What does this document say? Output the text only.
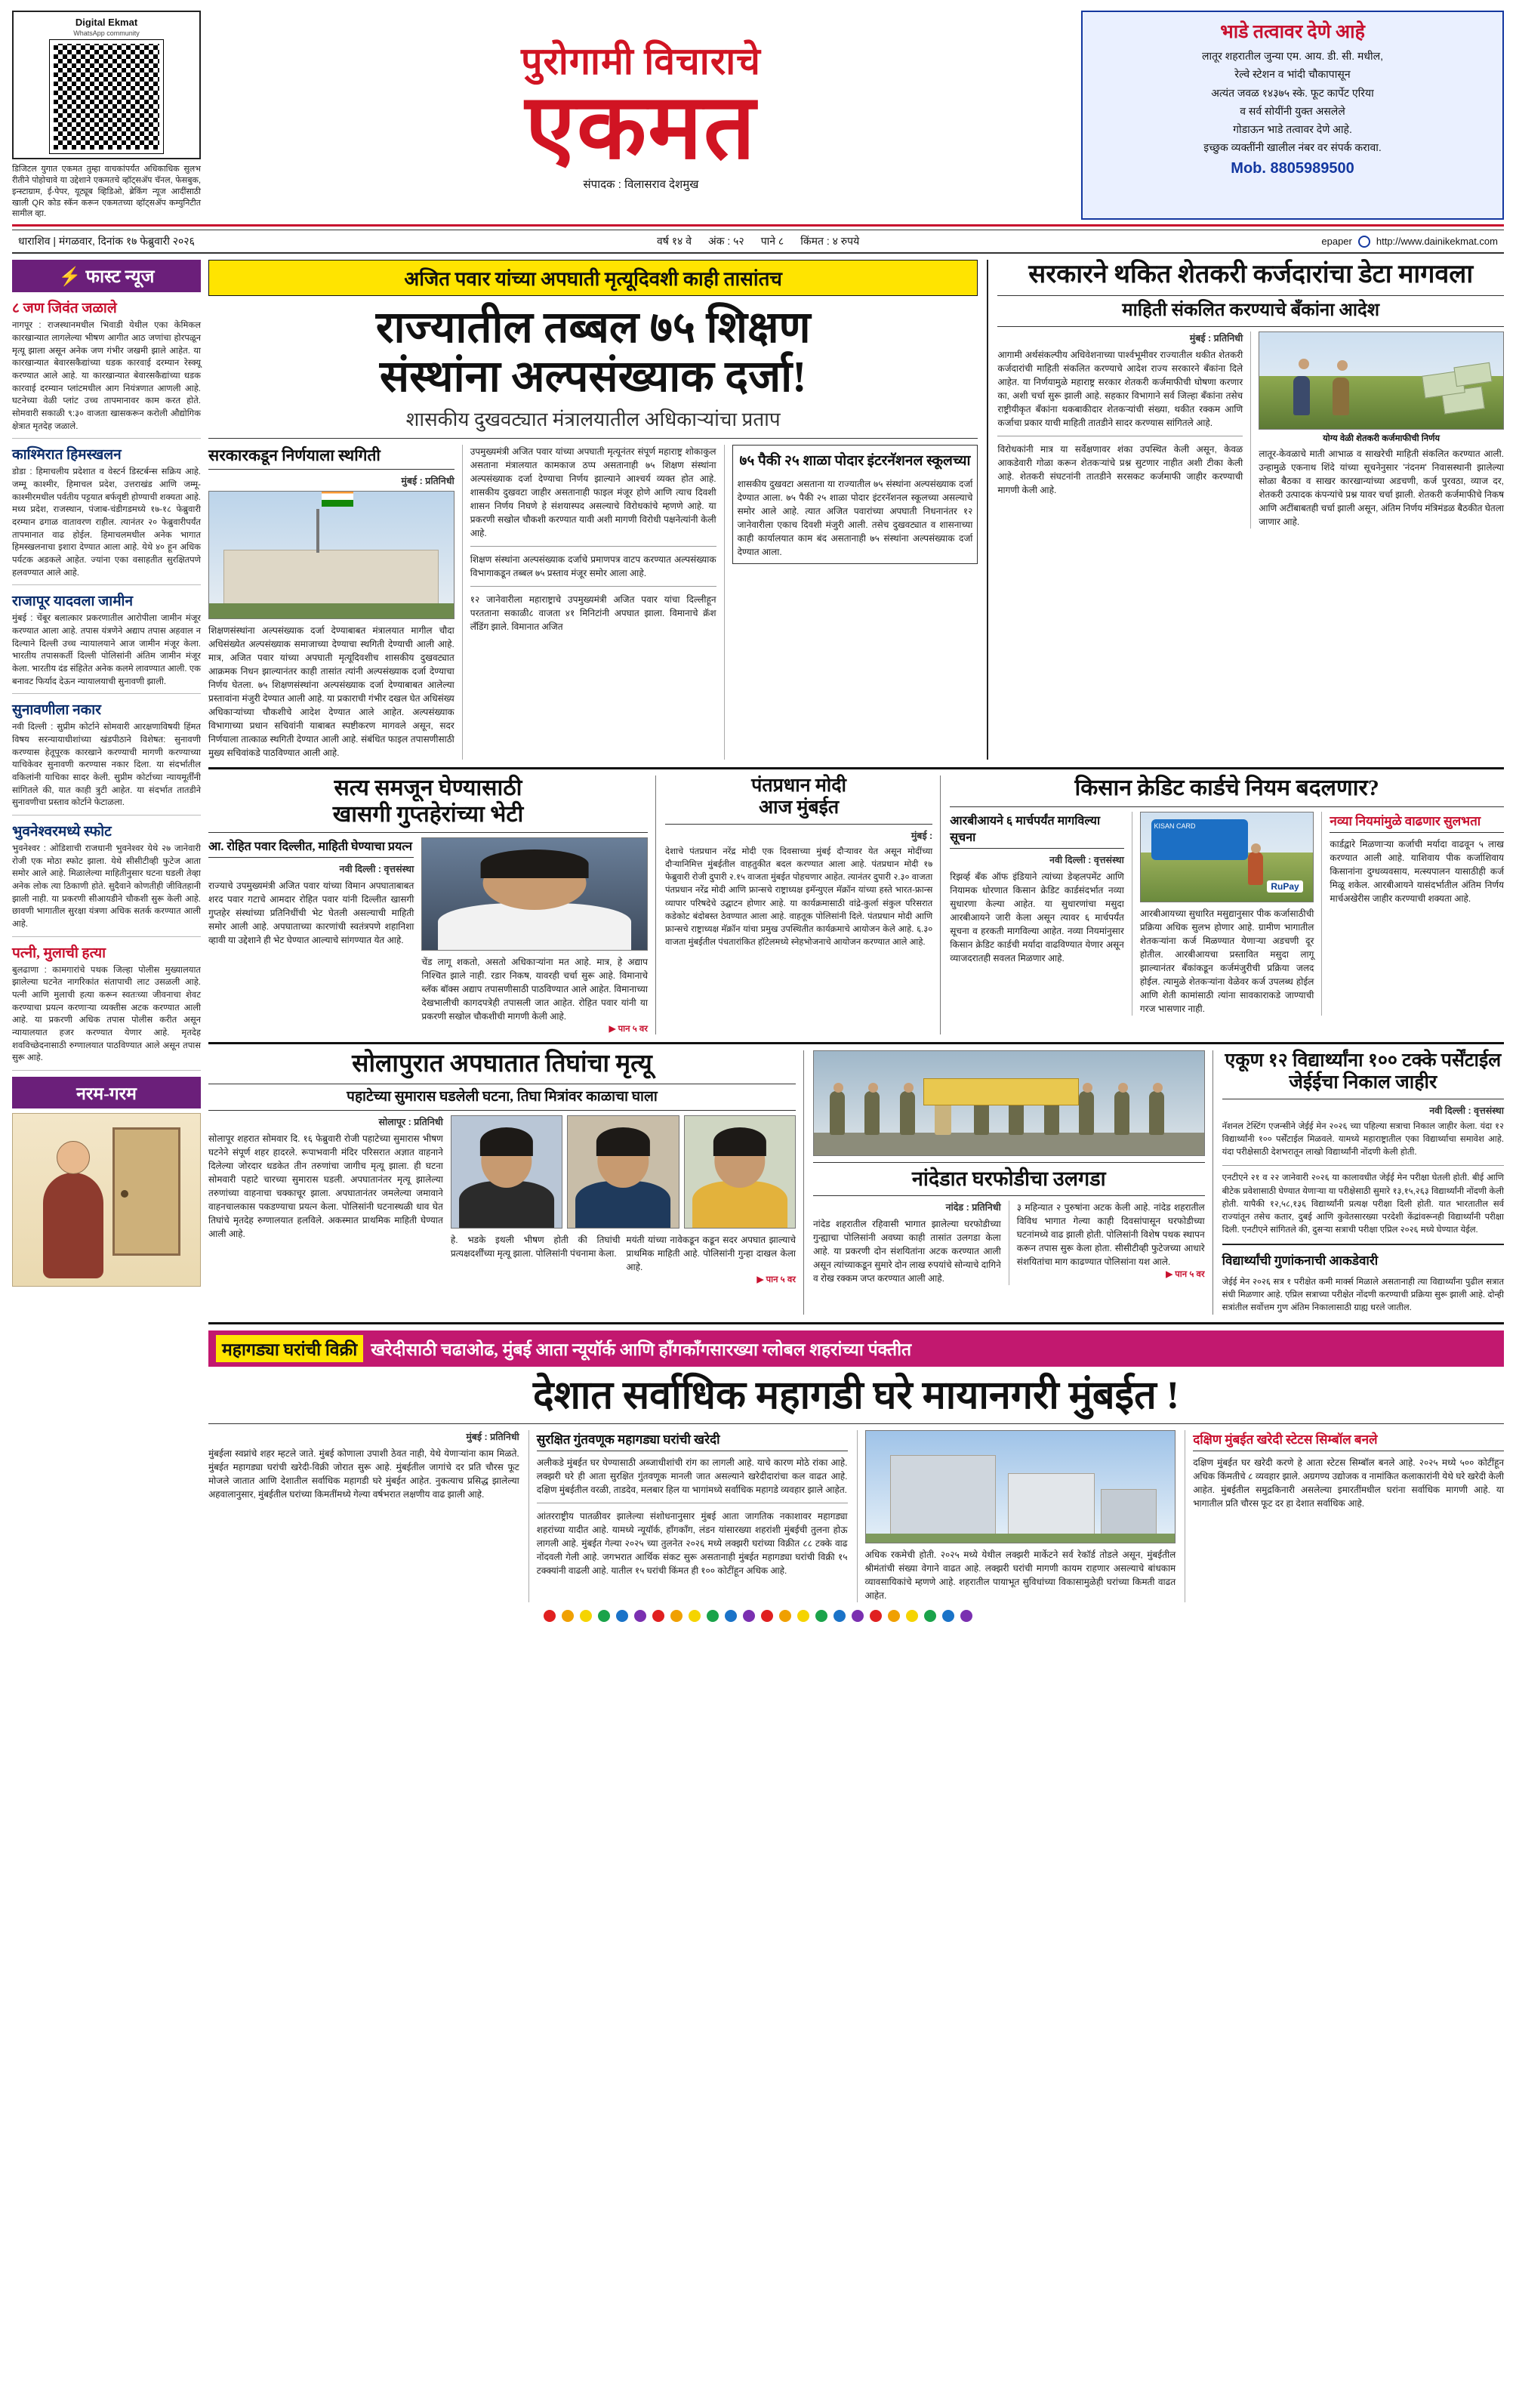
Digital Ekmat
WhatsApp community
डिजिटल युगात एकमत तुम्हा वाचकांपर्यंत अधिकाधिक सुलभ रीतीने पोहोचावे या उद्देशाने एकमतचे व्हॉट्सॲप चॅनल, फेसबुक, इन्स्टाग्राम, ई-पेपर, यूट्यूब व्हिडिओ, ब्रेकिंग न्यूज आदींसाठी खाली QR कोड स्कॅन करून एकमतच्या व्हॉट्सॲप कम्युनिटीत सामील व्हा.
पुरोगामी विचाराचे
एकमत
संपादक : विलासराव देशमुख
भाडे तत्वावर देणे आहे

लातूर शहरातील जुन्या एम. आय. डी. सी. मधील,

रेल्वे स्टेशन व भांदी चौकापासून

अत्यंत जवळ १४३७५ स्के. फूट कार्पेट एरिया

व सर्व सोयींनी युक्त असलेले

गोडाऊन भाडे तत्वावर देणे आहे.

इच्छुक व्यक्तींनी खालील नंबर वर संपर्क करावा.

Mob. 8805989500
धाराशिव | मंगळवार, दिनांक १७ फेब्रुवारी २०२६	वर्ष १४ वे अंक : ५२ पाने ८ किंमत : ४ रुपये	epaper http://www.dainikekmat.com
⚡ फास्ट न्यूज
८ जण जिवंत जळाले
नागपूर : राजस्थानमधील भिवाडी येथील एका केमिकल कारखान्यात लागलेल्या भीषण आगीत आठ जणांचा होरपळून मृत्यू झाला असून अनेक जण गंभीर जखमी झाले आहेत. या कारखान्यात बेवारसकैद्यांच्या धडक कारवाई दरम्यान रेस्क्यू करण्यात आले आहे. या कारखान्यात बेवारसकैद्यांच्या धडक कारवाई दरम्यान प्लांटमधील आग नियंत्रणात आणली आहे. घटनेच्या वेळी प्लांट उच्च तापमानावर काम करत होते. सोमवारी सकाळी ९:३० वाजता खासकरून करोली औद्योगिक क्षेत्रात मृतदेह जळाले.
काश्मिरात हिमस्खलन
डोडा : हिमाचलीय प्रदेशात व वेस्टर्न डिस्टर्बन्स सक्रिय आहे. जम्मू काश्मीर, हिमाचल प्रदेश, उत्तराखंड आणि जम्मू-काश्मीरमधील पर्वतीय पट्टयात बर्फवृष्टी होण्याची शक्यता आहे. मध्य प्रदेश, राजस्थान, पंजाब-चंडीगडमध्ये १७-१८ फेब्रुवारी दरम्यान ढगाळ वातावरण राहील. त्यानंतर २० फेब्रुवारीपर्यंत तापमानात वाढ होईल. हिमाचलमधील अनेक भागात हिमस्खलनाचा इशारा देण्यात आला आहे. येथे ४० हून अधिक पर्यटक अडकले आहेत. ज्यांना एका वसाहतीत सुरक्षितपणे हलवण्यात आले आहे.
राजापूर यादवला जामीन
मुंबई : चेंबूर बलात्कार प्रकरणातील आरोपीला जामीन मंजूर करण्यात आला आहे. तपास यंत्रणेने अद्याप तपास अहवाल न दिल्याने दिल्ली उच्च न्यायालयाने आज जामीन मंजूर केला. भारतीय तपासकर्ती दिल्ली पोलिसांनी अंतिम जामीन मंजूर केला. भारतीय दंड संहितेत अनेक कलमे लावण्यात आली. एक बनावट फिर्याद देऊन न्यायालयाची सुनावणी झाली.
सुनावणीला नकार
नवी दिल्ली : सुप्रीम कोर्टाने सोमवारी आरक्षणाविषयी हिंमत विषय सरन्यायाधीशांच्या खंडपीठाने विशेषत: सुनावणी करण्यास हेतूपूरक कारखाने करण्याची मागणी करण्याच्या याचिकेवर सुनावणी करण्यास नकार दिला. या संदर्भातील वकिलांनी याचिका सादर केली. सुप्रीम कोर्टाच्या न्यायमूर्तींनी सांगितले की, यात काही त्रुटी आहेत. या संदर्भात तातडीने सुनावणीचा प्रस्ताव कोर्टाने फेटाळला.
भुवनेश्वरमध्ये स्फोट
भुवनेश्वर : ओडिशाची राजधानी भुवनेश्वर येथे २७ जानेवारी रोजी एक मोठा स्फोट झाला. येथे सीसीटीव्ही फुटेज आता समोर आले आहे. मिळालेल्या माहितीनुसार घटना घडली तेव्हा अनेक लोक त्या ठिकाणी होते. सुदैवाने कोणतीही जीवितहानी झाली नाही. या प्रकरणी सीआयडीने चौकशी सुरू केली आहे. छावणी भागातील सुरक्षा यंत्रणा अधिक सतर्क करण्यात आली आहे.
पत्नी, मुलाची हत्या
बुलढाणा : कामगारांचे पथक जिल्हा पोलीस मुख्यालयात झालेल्या घटनेत नागरिकांत संतापाची लाट उसळली आहे. पत्नी आणि मुलाची हत्या करून स्वतःच्या जीवनाचा शेवट करण्याचा प्रयत्न करणाऱ्या व्यक्तीस अटक करण्यात आली आहे. या प्रकरणी अधिक तपास पोलीस करीत असून न्यायालयात हजर करण्यात येणार आहे. मृतदेह शवविच्छेदनासाठी रुग्णालयात पाठविण्यात आले असून तपास सुरू आहे.
नरम-गरम
अजित पवार यांच्या अपघाती मृत्यूदिवशी काही तासांतच
राज्यातील तब्बल ७५ शिक्षण
संस्थांना अल्पसंख्याक दर्जा!
शासकीय दुखवट्यात मंत्रालयातील अधिकाऱ्यांचा प्रताप
सरकारकडून निर्णयाला स्थगिती
मुंबई : प्रतिनिधी
शिक्षणसंस्थांना अल्पसंख्याक दर्जा देण्याबाबत मंत्रालयात मागील चौदा अधिसंख्येत अल्पसंख्याक समाजाच्या देण्याचा स्थगिती देण्याची आली आहे. मात्र, अजित पवार यांच्या अपघाती मृत्यूदिवशीच शासकीय दुखवट्यात आक्रमक निधन झाल्यानंतर काही तासांत त्यांनी अल्पसंख्याक दर्जा देण्याचा निर्णय घेतला. ७५ शिक्षणसंस्थांना अल्पसंख्याक दर्जा देण्याबाबत आलेल्या प्रस्तावांना मंजुरी देण्यात आली आहे. या प्रकाराची गंभीर दखल घेत अधिसंख्य अधिकाऱ्यांच्या चौकशीचे आदेश देण्यात आले आहेत. अल्पसंख्याक विभागाच्या प्रधान सचिवांनी याबाबत स्पष्टीकरण मागवले असून, सदर निर्णयाला तात्काळ स्थगिती देण्यात आली आहे. संबंधित फाइल तपासणीसाठी मुख्य सचिवांकडे पाठविण्यात आली आहे.
उपमुख्यमंत्री अजित पवार यांच्या अपघाती मृत्यूनंतर संपूर्ण महाराष्ट्र शोकाकुल असताना मंत्रालयात कामकाज ठप्प असतानाही ७५ शिक्षण संस्थांना अल्पसंख्याक दर्जा देण्याचा निर्णय झाल्याने आश्चर्य व्यक्त होत आहे. शासकीय दुखवटा जाहीर असतानाही फाइल मंजूर होणे आणि त्याच दिवशी शासन निर्णय निघणे हे संशयास्पद असल्याचे विरोधकांचे म्हणणे आहे. या प्रकरणी सखोल चौकशी करण्यात यावी अशी मागणी विरोधी पक्षनेत्यांनी केली आहे.
शिक्षण संस्थांना अल्पसंख्याक दर्जाचे प्रमाणपत्र वाटप करण्यात अल्पसंख्याक विभागाकडून तब्बल ७५ प्रस्ताव मंजूर समोर आला आहे.
१२ जानेवारीला महाराष्ट्राचे उपमुख्यमंत्री अजित पवार यांचा दिल्लीहून परतताना सकाळी८ वाजता ४१ मिनिटांनी अपघात झाला. विमानाचे क्रॅश लँडिंग झाले. विमानात अजित
७५ पैकी २५ शाळा पोदार इंटरनॅशनल स्कूलच्या
शासकीय दुखवटा असताना या राज्यातील ७५ संस्थांना अल्पसंख्याक दर्जा देण्यात आला. ७५ पैकी २५ शाळा पोदार इंटरनॅशनल स्कूलच्या असल्याचे समोर आले आहे. त्यात अजित पवारांच्या अपघाती निधनानंतर १२ जानेवारीला एकाच दिवशी मंजुरी आली. तसेच दुखवट्यात व शासनाच्या काही कार्यालयात काम बंद असतानाही ७५ संस्थांना अल्पसंख्याक दर्जा देण्यात आला.
सरकारने थकित शेतकरी कर्जदारांचा डेटा मागवला
माहिती संकलित करण्याचे बँकांना आदेश
मुंबई : प्रतिनिधी
आगामी अर्थसंकल्पीय अधिवेशनाच्या पार्श्वभूमीवर राज्यातील थकीत शेतकरी कर्जदारांची माहिती संकलित करण्याचे आदेश राज्य सरकारने बँकांना दिले आहेत. या निर्णयामुळे महाराष्ट्र सरकार शेतकरी कर्जमाफीची घोषणा करणार का, अशी चर्चा सुरू झाली आहे. सहकार विभागाने सर्व जिल्हा बँकांना तसेच राष्ट्रीयीकृत बँकांना थकबाकीदार शेतकऱ्यांची संख्या, थकीत रक्कम आणि कर्जाचा प्रकार याची माहिती तातडीने सादर करण्यास सांगितले आहे.
विरोधकांनी मात्र या सर्वेक्षणावर शंका उपस्थित केली असून, केवळ आकडेवारी गोळा करून शेतकऱ्यांचे प्रश्न सुटणार नाहीत अशी टीका केली आहे. शेतकरी संघटनांनी तातडीने सरसकट कर्जमाफी जाहीर करण्याची मागणी केली आहे.
योग्य वेळी शेतकरी कर्जमाफीची निर्णय
लातूर-केवळाचे माती आभाळ व साखरेची माहिती संकलित करण्यात आली. उन्हामुळे एकनाथ शिंदे यांच्या सूचनेनुसार 'नंदनम' निवासस्थानी झालेल्या सोळा बैठका व साखर कारखान्यांच्या अडचणी, कर्ज पुरवठा, व्याज दर, शेतकरी उत्पादक कंपन्यांचे प्रश्न यावर चर्चा झाली. शेतकरी कर्जमाफीचे निकष आणि अटींबाबतही चर्चा झाली असून, अंतिम निर्णय मंत्रिमंडळ बैठकीत घेतला जाणार आहे.
सत्य समजून घेण्यासाठी
खासगी गुप्तहेरांच्या भेटी
आ. रोहित पवार दिल्लीत, माहिती घेण्याचा प्रयत्न
नवी दिल्ली : वृत्तसंस्था
राज्याचे उपमुख्यमंत्री अजित पवार यांच्या विमान अपघाताबाबत शरद पवार गटाचे आमदार रोहित पवार यांनी दिल्लीत खासगी गुप्तहेर संस्थांच्या प्रतिनिधींची भेट घेतली असल्याची माहिती समोर आली आहे. अपघाताच्या कारणांची स्वतंत्रपणे शहानिशा व्हावी या उद्देशाने ही भेट घेण्यात आल्याचे सांगण्यात येत आहे.
चेंड लागू शकतो, असतो अधिकाऱ्यांना मत आहे. मात्र, हे अद्याप निश्चित झाले नाही. रडार निकष, यावरही चर्चा सुरू आहे. विमानाचे ब्लॅक बॉक्स अद्याप तपासणीसाठी पाठविण्यात आले आहेत. विमानाच्या देखभालीची कागदपत्रेही तपासली जात आहेत. रोहित पवार यांनी या प्रकरणी सखोल चौकशीची मागणी केली आहे.
▶ पान ५ वर
पंतप्रधान मोदी
आज मुंबईत
मुंबई :
देशाचे पंतप्रधान नरेंद्र मोदी एक दिवसाच्या मुंबई दौऱ्यावर येत असून मोदींच्या दौऱ्यानिमित्त मुंबईतील वाहतुकीत बदल करण्यात आला आहे. पंतप्रधान मोदी १७ फेब्रुवारी रोजी दुपारी २.१५ वाजता मुंबईत पोहचणार आहेत. त्यानंतर दुपारी २.३० वाजता पंतप्रधान नरेंद्र मोदी आणि फ्रान्सचे राष्ट्राध्यक्ष इमॅन्युएल मॅक्रॉन यांच्या हस्ते भारत-फ्रान्स व्यापार परिषदेचे उद्घाटन होणार आहे. या कार्यक्रमासाठी वांद्रे-कुर्ला संकुल परिसरात कडेकोट बंदोबस्त ठेवण्यात आला आहे. वाहतूक पोलिसांनी दिले. पंतप्रधान मोदी आणि फ्रान्सचे राष्ट्राध्यक्ष मॅक्रॉन यांचा प्रमुख उपस्थितीत कार्यक्रमाचे आयोजन केले आहे. ६.३० वाजता मुंबईतील पंचतारांकित हॉटेलमध्ये स्नेहभोजनाचे आयोजन करण्यात आले आहे.
किसान क्रेडिट कार्डचे नियम बदलणार?
आरबीआयने ६ मार्चपर्यंत मागविल्या सूचना
नवी दिल्ली : वृत्तसंस्था
रिझर्व्ह बँक ऑफ इंडियाने त्यांच्या डेव्हलपमेंट आणि नियामक धोरणात किसान क्रेडिट कार्डसंदर्भात नव्या सुधारणा केल्या आहेत. या सुधारणांचा मसुदा आरबीआयने जारी केला असून त्यावर ६ मार्चपर्यंत सूचना व हरकती मागविल्या आहेत. नव्या नियमांनुसार किसान क्रेडिट कार्डची मर्यादा वाढविण्यात येणार असून व्याजदरातही सवलत मिळणार आहे.
KISAN CARD
RuPay
आरबीआयच्या सुधारित मसुद्यानुसार पीक कर्जासाठीची प्रक्रिया अधिक सुलभ होणार आहे. ग्रामीण भागातील शेतकऱ्यांना कर्ज मिळण्यात येणाऱ्या अडचणी दूर होतील. आरबीआयचा प्रस्तावित मसुदा लागू झाल्यानंतर बँकांकडून कर्जमंजुरीची प्रक्रिया जलद होईल. त्यामुळे शेतकऱ्यांना वेळेवर कर्ज उपलब्ध होईल आणि शेती कामांसाठी त्यांना सावकाराकडे जाण्याची गरज भासणार नाही.
नव्या नियमांमुळे वाढणार सुलभता
कार्डद्वारे मिळणाऱ्या कर्जाची मर्यादा वाढवून ५ लाख करण्यात आली आहे. याशिवाय पीक कर्जाशिवाय किसानांना दुग्धव्यवसाय, मत्स्यपालन यासाठीही कर्ज मिळू शकेल. आरबीआयने यासंदर्भातील अंतिम निर्णय मार्चअखेरीस जाहीर करण्याची शक्यता आहे.
सोलापुरात अपघातात तिघांचा मृत्यू
पहाटेच्या सुमारास घडलेली घटना, तिघा मित्रांवर काळाचा घाला
सोलापूर : प्रतिनिधी
सोलापूर शहरात सोमवार दि. १६ फेब्रुवारी रोजी पहाटेच्या सुमारास भीषण घटनेने संपूर्ण शहर हादरले. रूपाभवानी मंदिर परिसरात अज्ञात वाहनाने दिलेल्या जोरदार धडकेत तीन तरुणांचा जागीच मृत्यू झाला. ही घटना सोमवारी पहाटे चारच्या सुमारास घडली. अपघातानंतर मृत्यू झालेल्या तरुणांच्या वाहनाचा चक्काचूर झाला. अपघातानंतर जमलेल्या जमावाने वाहनचालकास पकडण्याचा प्रयत्न केला. पोलिसांनी घटनास्थळी धाव घेत तिघांचे मृतदेह रुग्णालयात हलविले. अकस्मात प्राथमिक माहिती घेण्यात आली आहे.
हे. भडके इथली भीषण होती की तिघांची प्रत्यक्षदर्शींच्या मृत्यू झाला. पोलिसांनी पंचनामा केला.
मयंती यांच्या नावेकडून कडून सदर अपघात झाल्याचे प्राथमिक माहिती आहे. पोलिसांनी गुन्हा दाखल केला आहे.
▶ पान ५ वर
नांदेडात घरफोडीचा उलगडा
नांदेड : प्रतिनिधी
नांदेड शहरातील रहिवासी भागात झालेल्या घरफोडीच्या गुन्ह्याचा पोलिसांनी अवघ्या काही तासांत उलगडा केला आहे. या प्रकरणी दोन संशयितांना अटक करण्यात आली असून त्यांच्याकडून सुमारे दोन लाख रुपयांचे सोन्याचे दागिने व रोख रक्कम जप्त करण्यात आली आहे.
३ महिन्यात २ पुरुषांना अटक केली आहे. नांदेड शहरातील विविध भागात गेल्या काही दिवसांपासून घरफोडीच्या घटनांमध्ये वाढ झाली होती. पोलिसांनी विशेष पथक स्थापन करून तपास सुरू केला होता. सीसीटीव्ही फुटेजच्या आधारे संशयितांचा माग काढण्यात पोलिसांना यश आले.
▶ पान ५ वर
एकूण १२ विद्यार्थ्यांना १०० टक्के पर्सेंटाईल जेईईचा निकाल जाहीर
नवी दिल्ली : वृत्तसंस्था
नॅशनल टेस्टिंग एजन्सीने जेईई मेन २०२६ च्या पहिल्या सत्राचा निकाल जाहीर केला. यंदा १२ विद्यार्थ्यांनी १०० पर्सेंटाईल मिळवले. यामध्ये महाराष्ट्रातील एका विद्यार्थ्याचा समावेश आहे. यंदा परीक्षेसाठी देशभरातून लाखो विद्यार्थ्यांनी नोंदणी केली होती.
एनटीएने २१ व २२ जानेवारी २०२६ या कालावधीत जेईई मेन परीक्षा घेतली होती. बीई आणि बीटेक प्रवेशासाठी घेण्यात येणाऱ्या या परीक्षेसाठी सुमारे १३,१५,२६३ विद्यार्थ्यांनी नोंदणी केली होती. यापैकी १२,५८,१३६ विद्यार्थ्यांनी प्रत्यक्ष परीक्षा दिली होती. यात भारतातील सर्व राज्यांतून तसेच कतार, दुबई आणि कुवेतसारख्या परदेशी केंद्रांवरूनही विद्यार्थ्यांनी परीक्षा दिली. एनटीएने सांगितले की, दुसऱ्या सत्राची परीक्षा एप्रिल २०२६ मध्ये घेण्यात येईल.
विद्यार्थ्यांची गुणांकनाची आकडेवारी
जेईई मेन २०२६ सत्र १ परीक्षेत कमी मार्क्स मिळाले असतानाही त्या विद्यार्थ्यांना पुढील सत्रात संधी मिळणार आहे. एप्रिल सत्राच्या परीक्षेत नोंदणी करण्याची प्रक्रिया सुरू झाली आहे. दोन्ही सत्रांतील सर्वोत्तम गुण अंतिम निकालासाठी ग्राह्य धरले जातील.
महागड्या घरांची विक्री खरेदीसाठी चढाओढ, मुंबई आता न्यूयॉर्क आणि हॉंगकॉंगसारख्या ग्लोबल शहरांच्या पंक्तीत
देशात सर्वाधिक महागडी घरे मायानगरी मुंबईत !
मुंबई : प्रतिनिधी
मुंबईला स्वप्नांचे शहर म्हटले जाते. मुंबई कोणाला उपाशी ठेवत नाही, येथे येणाऱ्यांना काम मिळते. मुंबईत महागड्या घरांची खरेदी-विक्री जोरात सुरू आहे. मुंबईतील जागांचे दर प्रति चौरस फूट मोजले जातात आणि देशातील सर्वाधिक महागडी घरे मुंबईत आहेत. नुकत्याच प्रसिद्ध झालेल्या अहवालानुसार, मुंबईतील घरांच्या किमतींमध्ये गेल्या वर्षभरात लक्षणीय वाढ झाली आहे.
सुरक्षित गुंतवणूक महागड्या घरांची खरेदी
अलीकडे मुंबईत घर घेण्यासाठी अब्जाधीशांची रांग का लागली आहे. याचे कारण मोठे रांका आहे. लक्झरी घरे ही आता सुरक्षित गुंतवणूक मानली जात असल्याने खरेदीदारांचा कल वाढत आहे. दक्षिण मुंबईतील वरळी, ताडदेव, मलबार हिल या भागांमध्ये सर्वाधिक महागडे व्यवहार झाले आहेत.
आंतरराष्ट्रीय पातळीवर झालेल्या संशोधनानुसार मुंबई आता जागतिक नकाशावर महागड्या शहरांच्या यादीत आहे. यामध्ये न्यूयॉर्क, हाँगकाँग, लंडन यांसारख्या शहरांशी मुंबईची तुलना होऊ लागली आहे. मुंबईत गेल्या २०२५ च्या तुलनेत २०२६ मध्ये लक्झरी घरांच्या विक्रीत ८८ टक्के वाढ नोंदवली गेली आहे. जगभरात आर्थिक संकट सुरू असतानाही मुंबईत महागड्या घरांची विक्री १५ टक्क्यांनी वाढली आहे. यातील १५ घरांची किंमत ही १०० कोटींहून अधिक आहे.
अधिक रकमेची होती. २०२५ मध्ये येथील लक्झरी मार्केटने सर्व रेकॉर्ड तोडले असून, मुंबईतील श्रीमंतांची संख्या वेगाने वाढत आहे. लक्झरी घरांची मागणी कायम राहणार असल्याचे बांधकाम व्यावसायिकांचे म्हणणे आहे. शहरातील पायाभूत सुविधांच्या विकासामुळेही घरांच्या किमती वाढत आहेत.
दक्षिण मुंबईत खरेदी स्टेटस सिम्बॉल बनले
दक्षिण मुंबईत घर खरेदी करणे हे आता स्टेटस सिम्बॉल बनले आहे. २०२५ मध्ये ५०० कोटींहून अधिक किंमतीचे ८ व्यवहार झाले. अग्रगण्य उद्योजक व नामांकित कलाकारांनी येथे घरे खरेदी केली आहेत. मुंबईतील समुद्रकिनारी असलेल्या इमारतींमधील घरांना सर्वाधिक मागणी आहे. या भागातील प्रति चौरस फूट दर हा देशात सर्वाधिक आहे.
